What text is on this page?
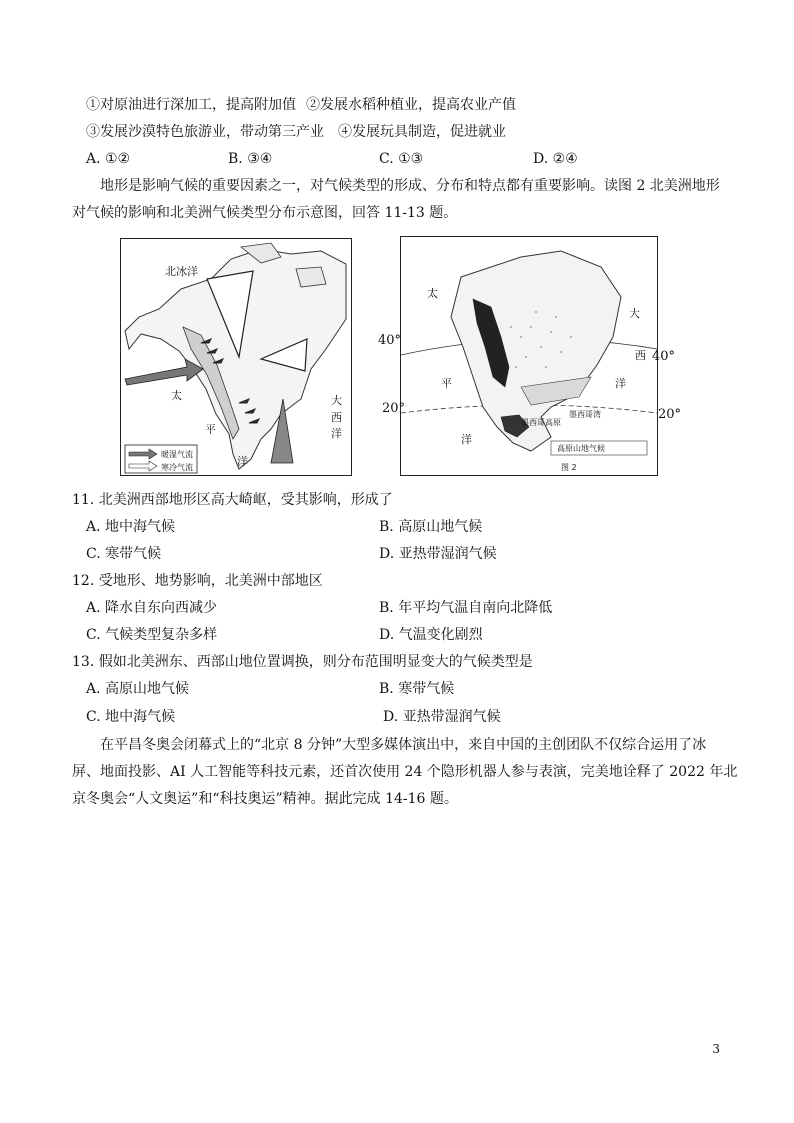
①对原油进行深加工，提高附加值 ②发展水稻种植业，提高农业产值
③发展沙漠特色旅游业，带动第三产业 ④发展玩具制造，促进就业
A. ①②	B. ③④	C. ①③	D. ②④
地形是影响气候的重要因素之一，对气候类型的形成、分布和特点都有重要影响。读图 2 北美洲地形
对气候的影响和北美洲气候类型分布示意图，回答 11-13 题。
北冰洋
太
平
洋
大
西
洋
暖湿气流
寒冷气流
太
平
洋
大
西
洋
墨西哥湾
墨西哥高原
高原山地气候
图 2
40°
40°
20°	20°
11. 北美洲西部地形区高大崎岖，受其影响，形成了
A. 地中海气候	B. 高原山地气候
C. 寒带气候	D. 亚热带湿润气候
12. 受地形、地势影响，北美洲中部地区
A. 降水自东向西减少	B. 年平均气温自南向北降低
C. 气候类型复杂多样	D. 气温变化剧烈
13. 假如北美洲东、西部山地位置调换，则分布范围明显变大的气候类型是
A. 高原山地气候	B. 寒带气候
C. 地中海气候	D. 亚热带湿润气候
在平昌冬奥会闭幕式上的“北京 8 分钟”大型多媒体演出中，来自中国的主创团队不仅综合运用了冰
屏、地面投影、AI 人工智能等科技元素，还首次使用 24 个隐形机器人参与表演，完美地诠释了 2022 年北
京冬奥会“人文奥运”和“科技奥运”精神。据此完成 14-16 题。
3
